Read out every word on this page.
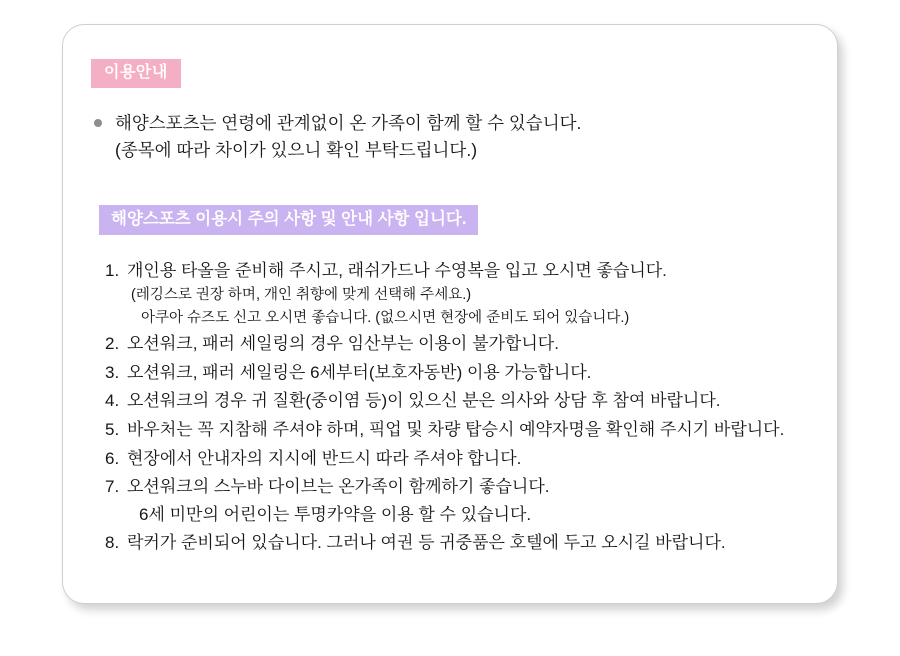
이용안내
해양스포츠는 연령에 관계없이 온 가족이 함께 할 수 있습니다.
(종목에 따라 차이가 있으니 확인 부탁드립니다.)
해양스포츠 이용시 주의 사항 및 안내 사항 입니다.
1. 개인용 타올을 준비해 주시고, 래쉬가드나 수영복을 입고 오시면 좋습니다.
(레깅스로 권장 하며, 개인 취향에 맞게 선택해 주세요.)
아쿠아 슈즈도 신고 오시면 좋습니다. (없으시면 현장에 준비도 되어 있습니다.)
2. 오션워크, 패러 세일링의 경우 임산부는 이용이 불가합니다.
3. 오션워크, 패러 세일링은 6세부터(보호자동반) 이용 가능합니다.
4. 오션워크의 경우 귀 질환(중이염 등)이 있으신 분은 의사와 상담 후 참여 바랍니다.
5. 바우처는 꼭 지참해 주셔야 하며, 픽업 및 차량 탑승시 예약자명을 확인해 주시기 바랍니다.
6. 현장에서 안내자의 지시에 반드시 따라 주셔야 합니다.
7. 오션워크의 스누바 다이브는 온가족이 함께하기 좋습니다.
6세 미만의 어린이는 투명카약을 이용 할 수 있습니다.
8. 락커가 준비되어 있습니다. 그러나 여권 등 귀중품은 호텔에 두고 오시길 바랍니다.
